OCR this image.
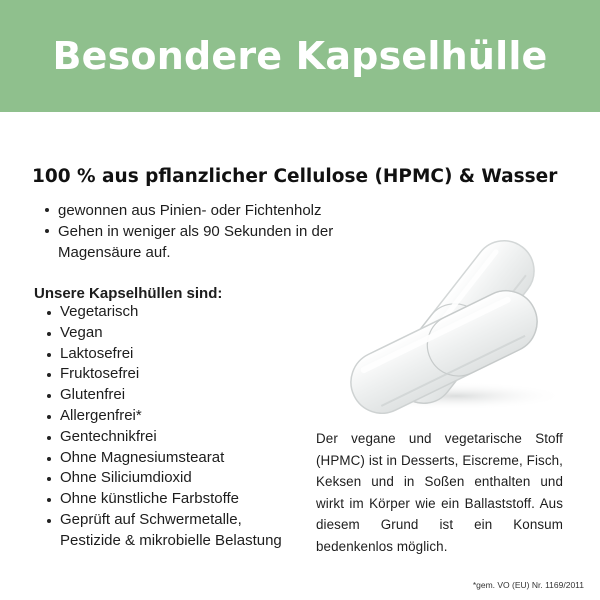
Besondere Kapselhülle
100 % aus pflanzlicher Cellulose (HPMC) & Wasser
gewonnen aus Pinien- oder Fichtenholz
Gehen in weniger als 90 Sekunden in der Magensäure auf.
Unsere Kapselhüllen sind:
Vegetarisch
Vegan
Laktosefrei
Fruktosefrei
Glutenfrei
Allergenfrei*
Gentechnikfrei
Ohne Magnesiumstearat
Ohne Siliciumdioxid
Ohne künstliche Farbstoffe
Geprüft auf Schwermetalle, Pestizide & mikrobielle Belastung
Der vegane und vegetarische Stoff (HPMC) ist in Desserts, Eiscreme, Fisch, Keksen und in Soßen enthalten und wirkt im Körper wie ein Ballaststoff. Aus diesem Grund ist ein Konsum bedenkenlos möglich.
*gem. VO (EU) Nr. 1169/2011
